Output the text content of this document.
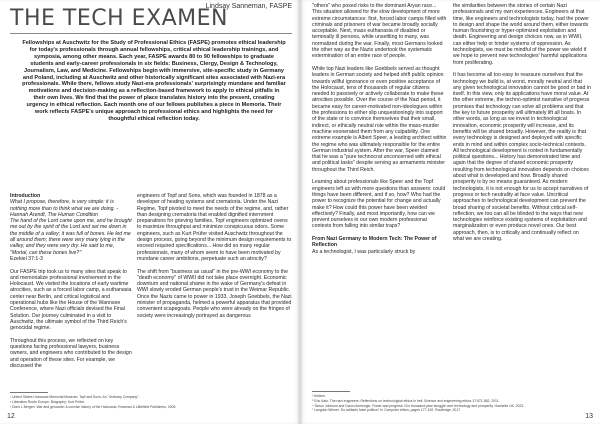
THE TECH EXAMEN
Lindsay Sanneman, FASPE

Fellowships at Auschwitz for the Study of Professional Ethics (FASPE) promotes ethical leadership for today's professionals through annual fellowships, critical ethical leadership trainings, and symposia, among other means. Each year, FASPE awards 80 to 90 fellowships to graduate students and early-career professionals in six fields: Business, Clergy, Design & Technology, Journalism, Law, and Medicine. Fellowships begin with immersive, site-specific study in Germany and Poland, including at Auschwitz and other historically significant sites associated with Nazi-era professionals. While there, fellows study Nazi-era professionals' surprisingly mundane and familiar motivations and decision-making as a reflection-based framework to apply to ethical pitfalls in their own lives. We find that the power of place translates history into the present, creating urgency in ethical reflection. Each month one of our fellows publishes a piece in Memoria. Their work reflects FASPE's unique approach to professional ethics and highlights the need for thoughtful ethical reflection today.

Introduction

What I propose, therefore, is very simple: it is nothing more than to think what we are doing. - Hannah Arendt, The Human Condition

The hand of the Lord came upon me, and he brought me out by the spirit of the Lord and set me down in the middle of a valley; it was full of bones. He led me all around them; there were very many lying in the valley, and they were very dry. He said to me, "Mortal, can these bones live?"

Ezekiel 37:1-3

Our FASPE trip took us to many sites that speak to and memorialize professional involvement in the Holocaust. We visited the locations of early wartime atrocities, such as a forced labor camp, a euthanasia center near Berlin, and critical logistical and operational hubs like the House of the Wannsee Conference, where Nazi officials devised the Final Solution. Our journey culminated in a visit to Auschwitz, the ultimate symbol of the Third Reich's genocidal regime.

Throughout this process, we reflected on key questions facing professional lawyers, business owners, and engineers who contributed to the design and operation of these sites. For example, we discussed the

engineers of Topf and Sons, which was founded in 1878 as a developer of heating systems and crematoria. Under the Nazi Regime, Topf pivoted to meet the needs of the regime, and, rather than designing crematoria that enabled dignified internment preparations for grieving families, Topf engineers optimized ovens to maximize throughput and minimize conspicuous odors. Some engineers, such as Kurt Prüfer visited Auschwitz throughout the design process, going beyond the minimum design requirements to exceed required specifications... How did so many regular professionals, many of whom seem to have been motivated by mundane career ambitions, perpetuate such an atrocity?

The shift from "business as usual" in the pre-WWI economy to the "death economy" of WWII did not take place overnight. Economic downturn and national shame in the wake of Germany's defeat in WWI slowly eroded German people's trust in the Weimar Republic. Once the Nazis came to power in 1933, Joseph Goebbels, the Nazi minister of propaganda, helmed a powerful apparatus that provided convenient scapegoats. People who were already on the fringes of society were increasingly portrayed as dangerous

¹ United States Holocaust Memorial Museum: Topf and Sons: An "Ordinary Company".
² Liberation Route Europe: Biography: Kurt Prüfer.
³ Doris L Bergen: War and genocide: A concise history of the Holocaust, Rowman & Littlefield Publishers, 2009.
12

"others" who posed risks to the dominant Aryan race... This situation allowed for the slow development of more extreme circumstances: first, forced labor camps filled with criminals and prisoners of war became broadly socially acceptable. Next, mass euthanasia of disabled or terminally ill persons, while unsettling to many, was normalized during the war. Finally, most Germans looked the other way as the Nazis undertook the systematic extermination of an entire race of people.

While top Nazi leaders like Goebbels served as thought leaders in German society and helped shift public opinion towards willful ignorance or even positive acceptance of the Holocaust, tens of thousands of regular citizens needed to passively or actively collaborate to make these atrocities possible. Over the course of the Nazi period, it became easy for career-motivated non-ideologues within the professions to either slip unquestioningly into support of the state or to convince themselves that their small, indirect, or ethically neutral role within the mass-murder machine exonerated them from any culpability. One extreme example is Albert Speer, a leading architect within the regime who was ultimately responsible for the entire German industrial system. After the war, Speer claimed that he was a "pure technocrat unconcerned with ethical and political tasks" despite serving as armaments minister throughout the Third Reich.

Learning about professionals like Speer and the Topf engineers left us with more questions than answers: could things have been different, and if so, how? Who had the power to recognize the potential for change and actually make it? How could this power have been wielded effectively? Finally, and most importantly, how can we prevent ourselves in our own modern professional contexts from falling into similar traps?

From Nazi Germany to Modern Tech: The Power of Reflection

As a technologist, I was particularly struck by

the similarities between the stories of certain Nazi professionals and my own experiences. Engineers at that time, like engineers and technologists today, had the power to design and shape the world around them, either towards human flourishing or hyper-optimized exploitation and death. Engineering and design choices now, as in WWII, can either help or hinder systems of oppression. As technologists, we must be mindful of the power we wield if we hope to prevent new technologies' harmful applications from proliferating.

It has become all too easy to reassure ourselves that the technology we build is, at worst, morally neutral and that any given technological innovation cannot be good or bad in itself. In this view, only its applications have moral value. At the other extreme, the techno-optimist narrative of progress promises that technology can solve all problems and that the key to future prosperity will ultimately lift all boats. In other words, as long as we invest in technological innovation, economic prosperity will increase, and its benefits will be shared broadly. However, the reality is that every technology is designed and deployed with specific ends in mind and within complex socio-technical contexts. All technological development is rooted in fundamentally political questions... History has demonstrated time and again that the degree of shared economic prosperity resulting from technological innovation depends on choices about what is developed and how. Broadly shared prosperity is by no means guaranteed. As modern technologists, it is not enough for us to accept narratives of progress or tech neutrality at face value. Uncritical approaches to technological development can prevent the broad sharing of societal benefits. Without critical self-reflection, we too can all be blinded to the ways that new technologies reinforce existing systems of exploitation and marginalization or even produce novel ones. Our best approach, then, is to critically and continually reflect on what we are creating.

⁴ Ibidem.
⁵ Eric Katz, The nazi engineers: Reflections on technological ethics in hell. Science and engineering ethics 17:571-582, 2011.
⁶ Simon Johnson and Daron Acemoglu, Power and progress: Our thousand-year struggle over technology and prosperity. Hachette UK, 2023.
⁷ Langdon Winner. Do artifacts have politics? In Computer ethics, pages 177-192. Routledge, 2017.
13
